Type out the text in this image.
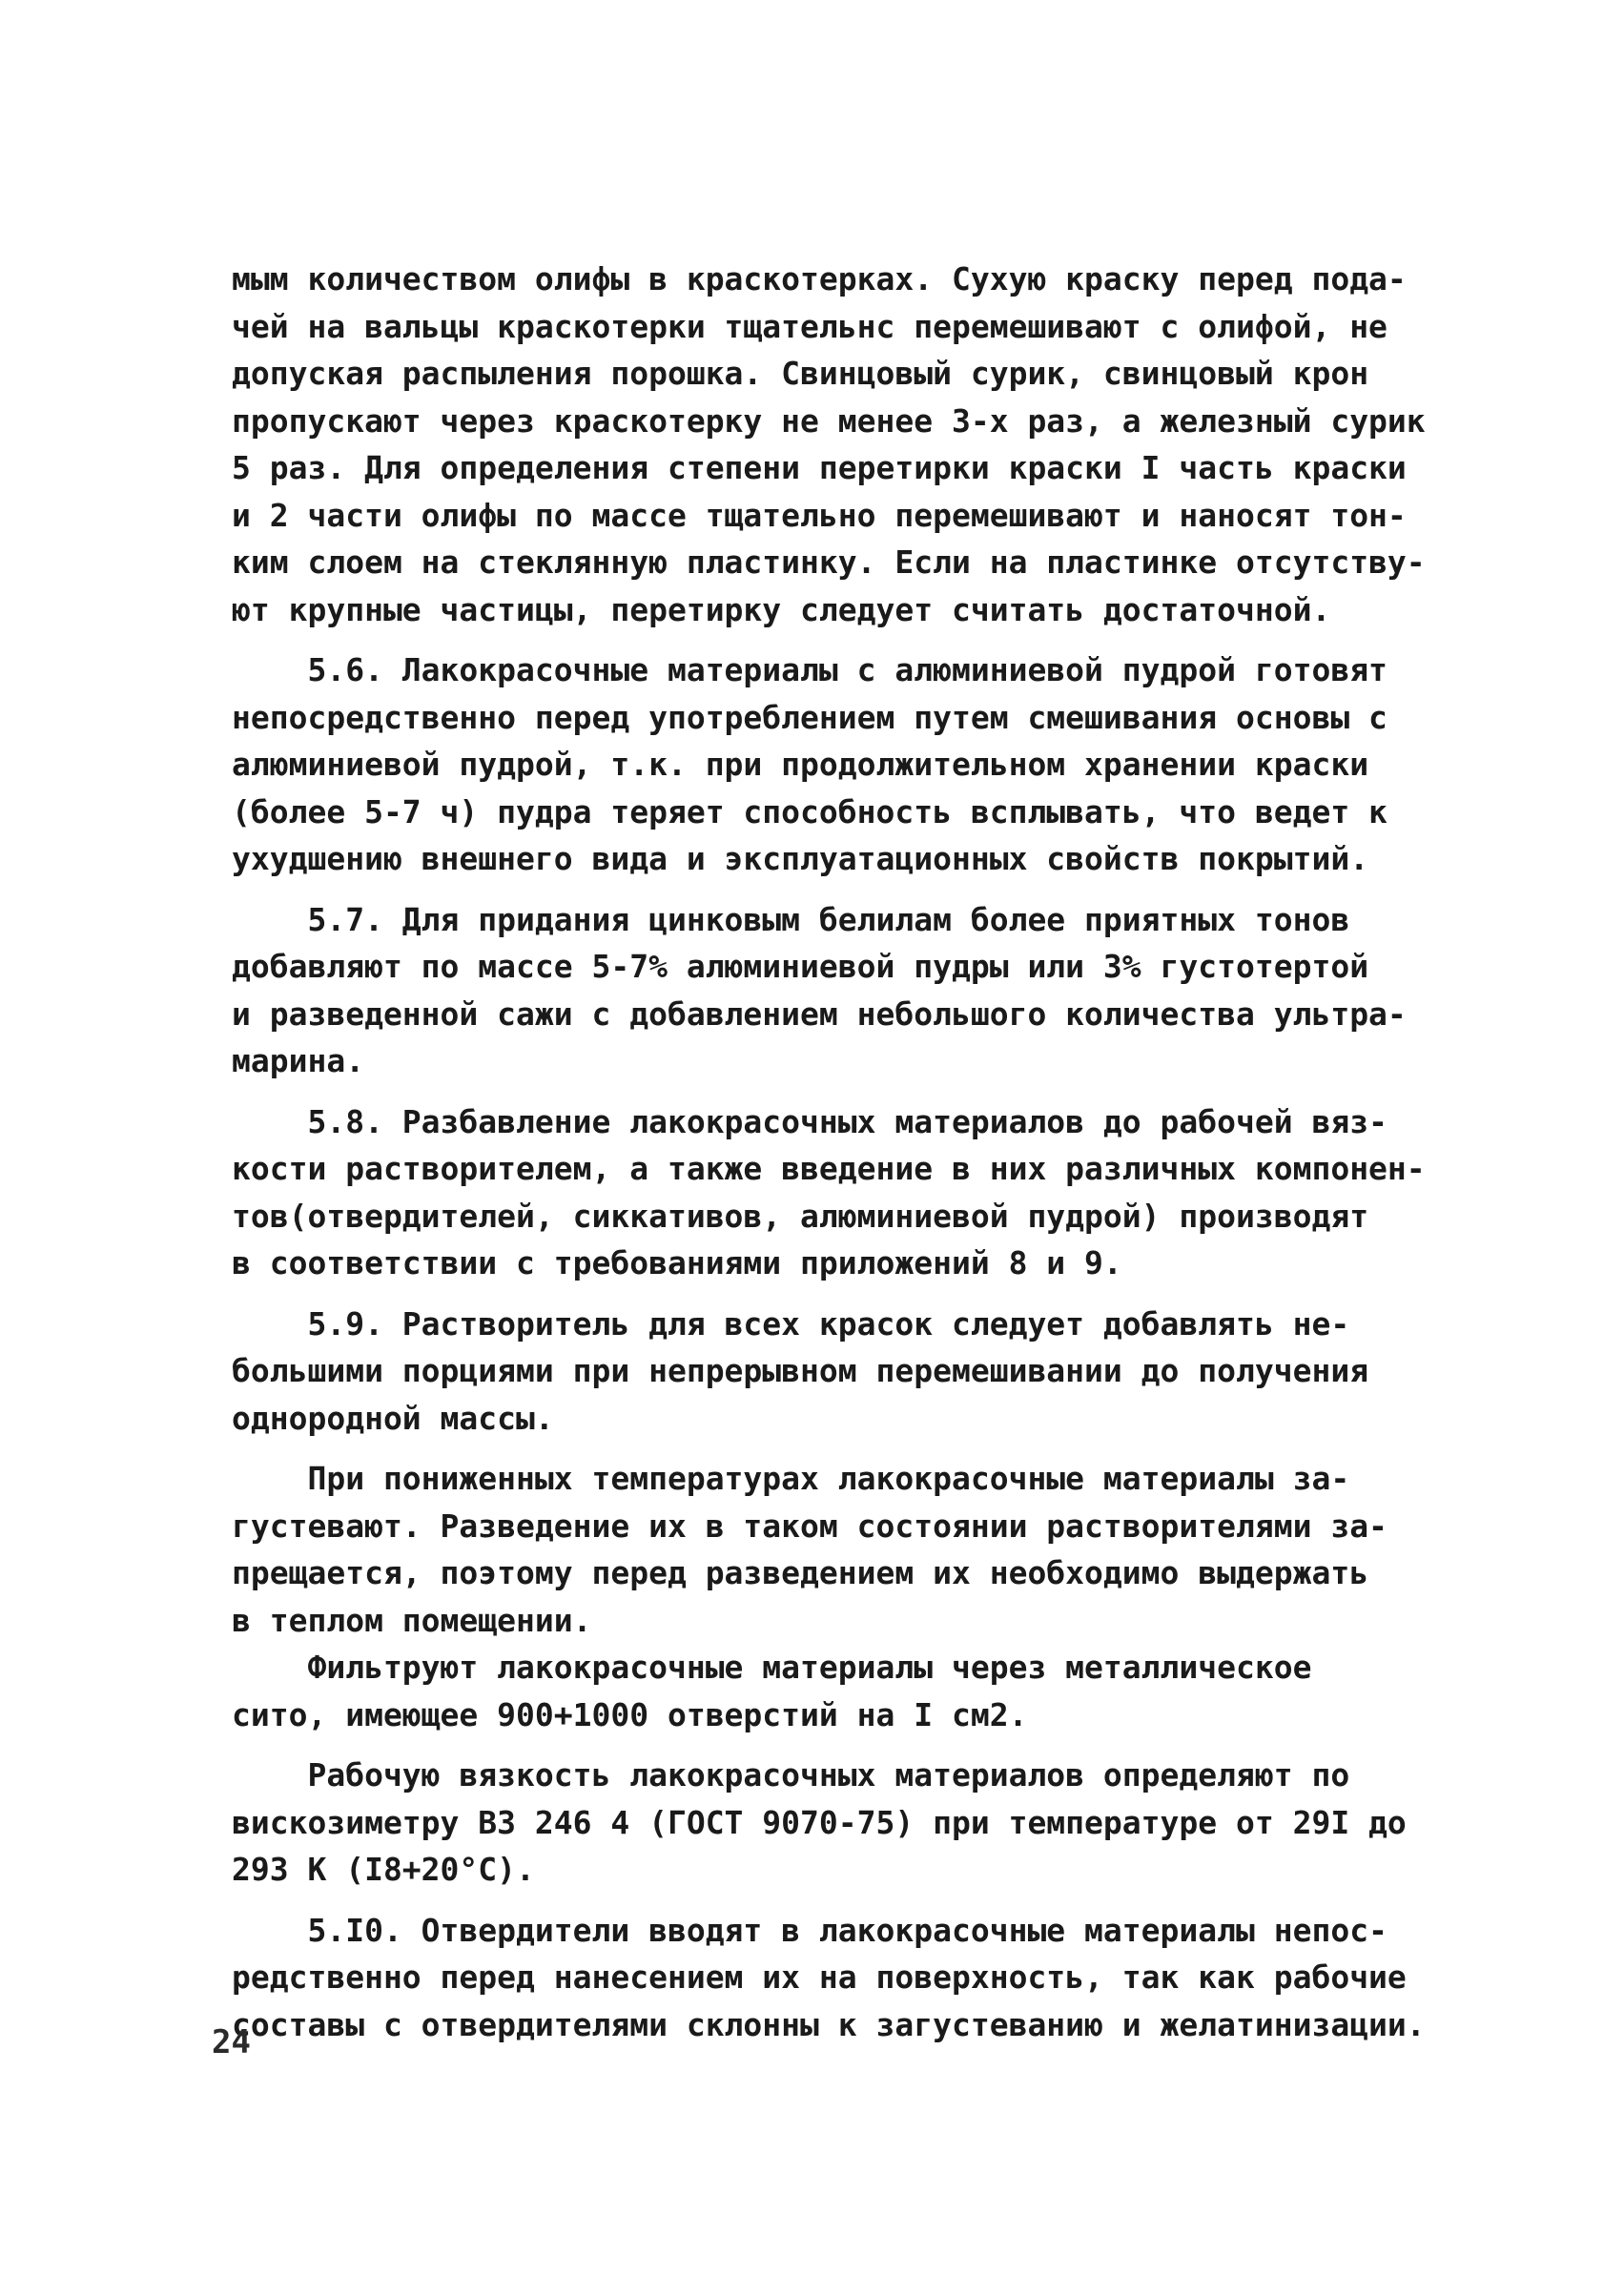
мым количеством олифы в краскотерках. Сухую краску перед пода-
чей на вальцы краскотерки тщательнс перемешивают с олифой, не
допуская распыления порошка. Свинцовый сурик, свинцовый крон
пропускают через краскотерку не менее 3-х раз, а железный сурик
5 раз. Для определения степени перетирки краски I часть краски
и 2 части олифы по массе тщательно перемешивают и наносят тон-
ким слоем на стеклянную пластинку. Если на пластинке отсутству-
ют крупные частицы, перетирку следует считать достаточной.
5.6. Лакокрасочные материалы с алюминиевой пудрой готовят
непосредственно перед употреблением путем смешивания основы с
алюминиевой пудрой, т.к. при продолжительном хранении краски
(более 5-7 ч) пудра теряет способность всплывать, что ведет к
ухудшению внешнего вида и эксплуатационных свойств покрытий.
5.7. Для придания цинковым белилам более приятных тонов
добавляют по массе 5-7% алюминиевой пудры или 3% густотертой
и разведенной сажи с добавлением небольшого количества ультра-
марина.
5.8. Разбавление лакокрасочных материалов до рабочей вяз-
кости растворителем, а также введение в них различных компонен-
тов(отвердителей, сиккативов, алюминиевой пудрой) производят
в соответствии с требованиями приложений 8 и 9.
5.9. Растворитель для всех красок следует добавлять не-
большими порциями при непрерывном перемешивании до получения
однородной массы.
При пониженных температурах лакокрасочные материалы за-
густевают. Разведение их в таком состоянии растворителями за-
прещается, поэтому перед разведением их необходимо выдержать
в теплом помещении.
Фильтруют лакокрасочные материалы через металлическое
сито, имеющее 900+1000 отверстий на I см2.
Рабочую вязкость лакокрасочных материалов определяют по
вискозиметру ВЗ 246 4 (ГОСТ 9070-75) при температуре от 29I до
293 К (I8+20°С).
5.I0. Отвердители вводят в лакокрасочные материалы непос-
редственно перед нанесением их на поверхность, так как рабочие
составы с отвердителями склонны к загустеванию и желатинизации.
24
